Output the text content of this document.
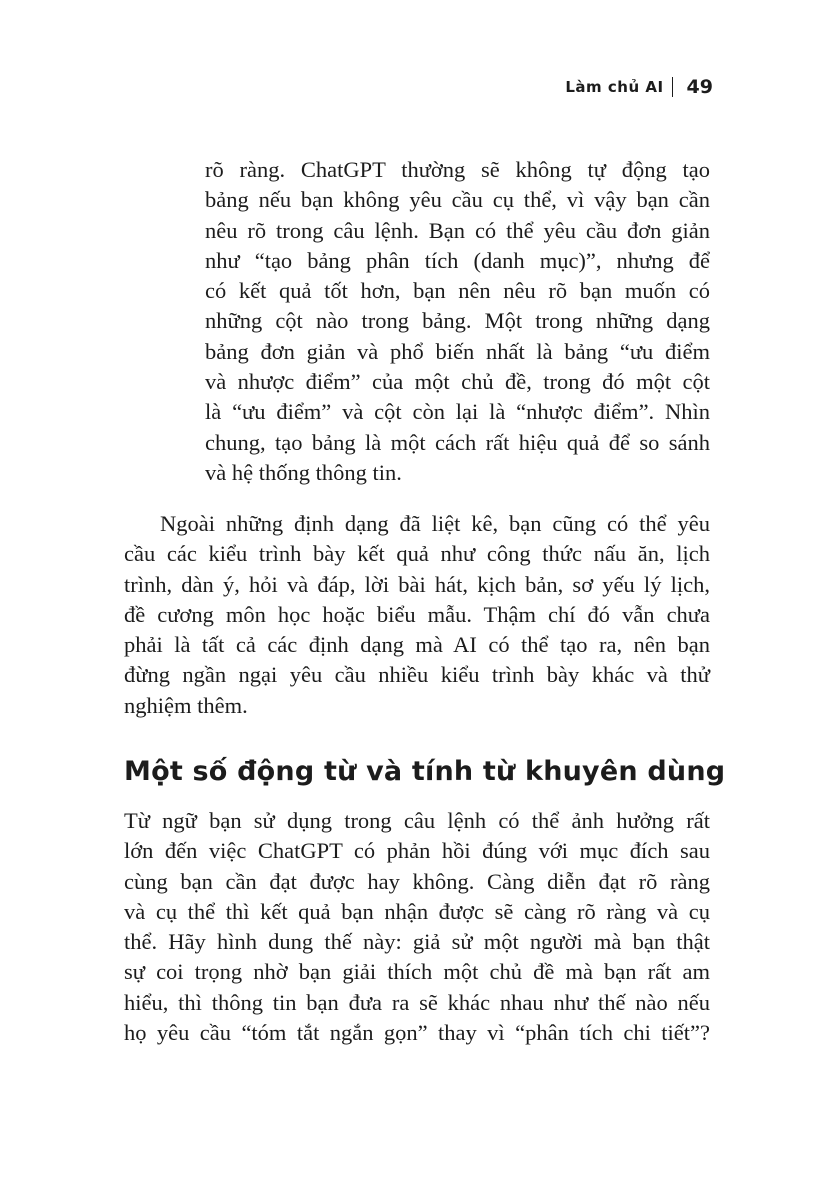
Làm chủ AI 49
rõ ràng. ChatGPT thường sẽ không tự động tạo
bảng nếu bạn không yêu cầu cụ thể, vì vậy bạn cần
nêu rõ trong câu lệnh. Bạn có thể yêu cầu đơn giản
như “tạo bảng phân tích (danh mục)”, nhưng để
có kết quả tốt hơn, bạn nên nêu rõ bạn muốn có
những cột nào trong bảng. Một trong những dạng
bảng đơn giản và phổ biến nhất là bảng “ưu điểm
và nhược điểm” của một chủ đề, trong đó một cột
là “ưu điểm” và cột còn lại là “nhược điểm”. Nhìn
chung, tạo bảng là một cách rất hiệu quả để so sánh
và hệ thống thông tin.
Ngoài những định dạng đã liệt kê, bạn cũng có thể yêu
cầu các kiểu trình bày kết quả như công thức nấu ăn, lịch
trình, dàn ý, hỏi và đáp, lời bài hát, kịch bản, sơ yếu lý lịch,
đề cương môn học hoặc biểu mẫu. Thậm chí đó vẫn chưa
phải là tất cả các định dạng mà AI có thể tạo ra, nên bạn
đừng ngần ngại yêu cầu nhiều kiểu trình bày khác và thử
nghiệm thêm.
Một số động từ và tính từ khuyên dùng
Từ ngữ bạn sử dụng trong câu lệnh có thể ảnh hưởng rất
lớn đến việc ChatGPT có phản hồi đúng với mục đích sau
cùng bạn cần đạt được hay không. Càng diễn đạt rõ ràng
và cụ thể thì kết quả bạn nhận được sẽ càng rõ ràng và cụ
thể. Hãy hình dung thế này: giả sử một người mà bạn thật
sự coi trọng nhờ bạn giải thích một chủ đề mà bạn rất am
hiểu, thì thông tin bạn đưa ra sẽ khác nhau như thế nào nếu
họ yêu cầu “tóm tắt ngắn gọn” thay vì “phân tích chi tiết”?
